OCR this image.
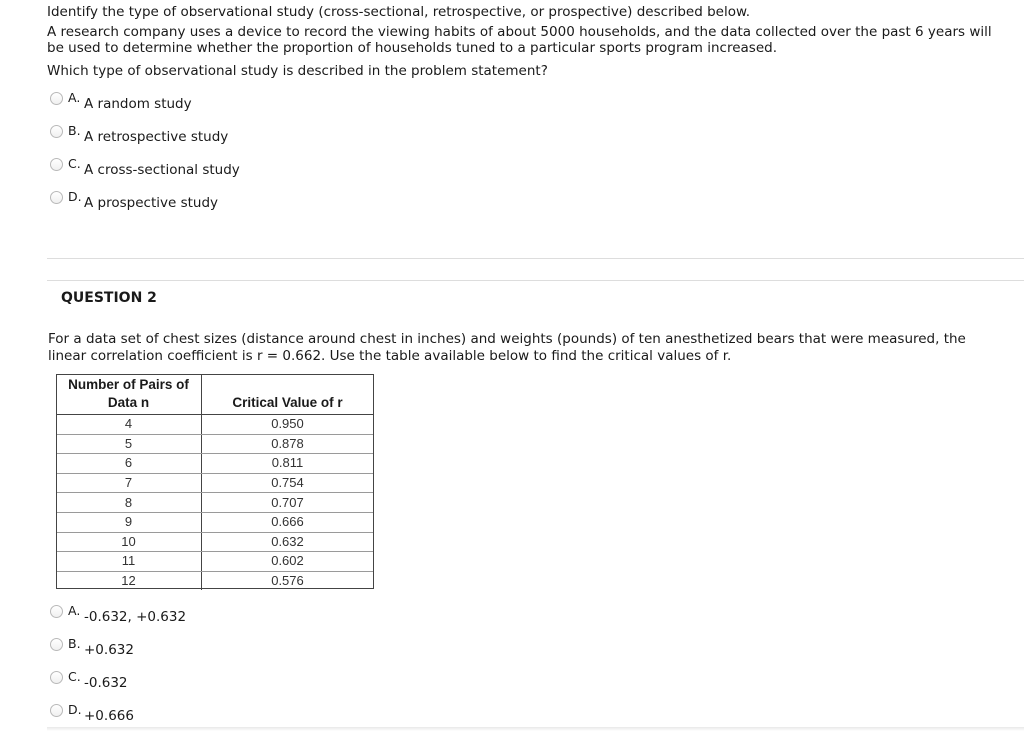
Identify the type of observational study (cross-sectional, retrospective, or prospective) described below.

A research company uses a device to record the viewing habits of about 5000 households, and the data collected over the past 6 years will be used to determine whether the proportion of households tuned to a particular sports program increased.

Which type of observational study is described in the problem statement?

A. A random study
B. A retrospective study
C. A cross-sectional study
D. A prospective study
QUESTION 2

For a data set of chest sizes (distance around chest in inches) and weights (pounds) of ten anesthetized bears that were measured, the linear correlation coefficient is r = 0.662. Use the table available below to find the critical values of r.

Number of Pairs of Data n	Critical Value of r
4	0.950
5	0.878
6	0.811
7	0.754
8	0.707
9	0.666
10	0.632
11	0.602
12	0.576
A. -0.632, +0.632
B. +0.632
C. -0.632
D. +0.666
